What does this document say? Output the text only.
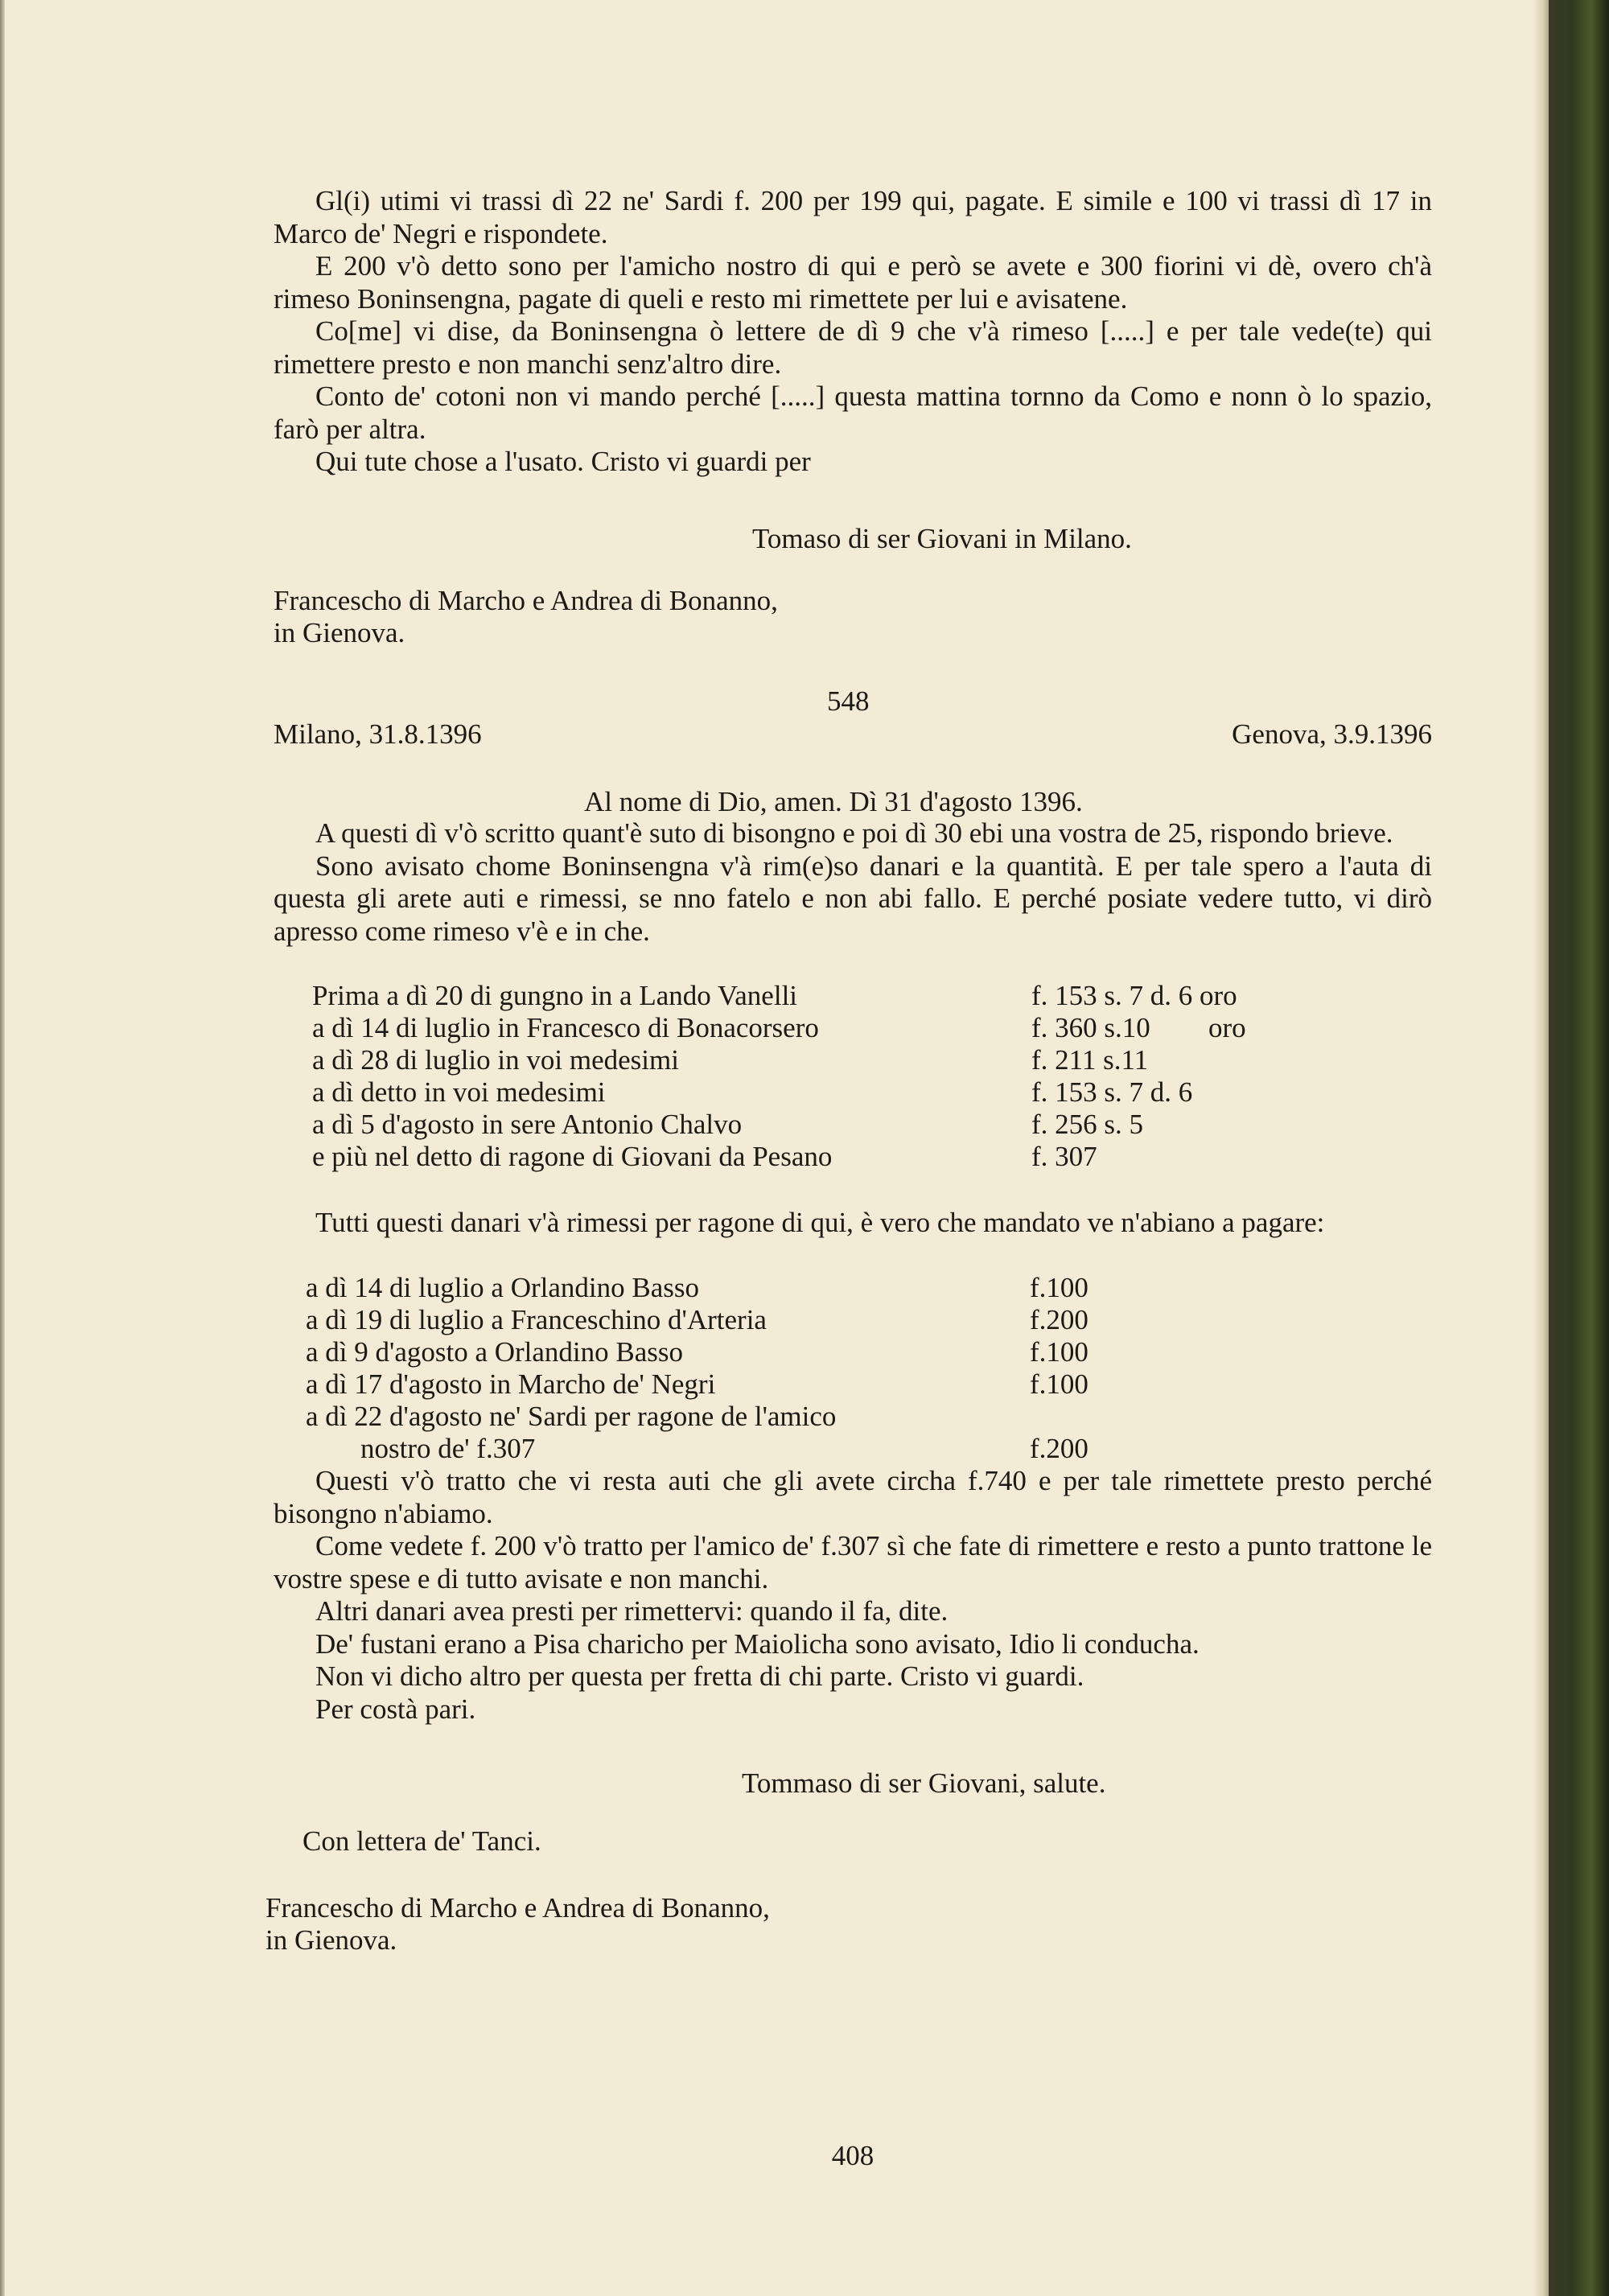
Gl(i) utimi vi trassi dì 22 ne' Sardi f. 200 per 199 qui, pagate. E simile e 100 vi trassi dì 17 in Marco de' Negri e rispondete.

E 200 v'ò detto sono per l'amicho nostro di qui e però se avete e 300 fiorini vi dè, overo ch'à rimeso Boninsengna, pagate di queli e resto mi rimettete per lui e avisatene.

Co[me] vi dise, da Boninsengna ò lettere de dì 9 che v'à rimeso [.....] e per tale vede(te) qui rimettere presto e non manchi senz'altro dire.

Conto de' cotoni non vi mando perché [.....] questa mattina tornno da Como e nonn ò lo spazio, farò per altra.

Qui tute chose a l'usato. Cristo vi guardi per

Tomaso di ser Giovani in Milano.
Francescho di Marcho e Andrea di Bonanno,
in Gienova.
548
Milano, 31.8.1396	Genova, 3.9.1396
Al nome di Dio, amen. Dì 31 d'agosto 1396.

A questi dì v'ò scritto quant'è suto di bisongno e poi dì 30 ebi una vostra de 25, rispondo brieve.

Sono avisato chome Boninsengna v'à rim(e)so danari e la quantità. E per tale spero a l'auta di questa gli arete auti e rimessi, se nno fatelo e non abi fallo. E perché posiate vedere tutto, vi dirò apresso come rimeso v'è e in che.

Prima a dì 20 di gungno in a Lando Vanelli	f. 153 s. 7 d. 6 oro
a dì 14 di luglio in Francesco di Bonacorsero	f. 360 s.10 oro
a dì 28 di luglio in voi medesimi	f. 211 s.11
a dì detto in voi medesimi	f. 153 s. 7 d. 6
a dì 5 d'agosto in sere Antonio Chalvo	f. 256 s. 5
e più nel detto di ragone di Giovani da Pesano	f. 307

Tutti questi danari v'à rimessi per ragone di qui, è vero che mandato ve n'abiano a pagare:

a dì 14 di luglio a Orlandino Basso	f.100
a dì 19 di luglio a Franceschino d'Arteria	f.200
a dì 9 d'agosto a Orlandino Basso	f.100
a dì 17 d'agosto in Marcho de' Negri	f.100
a dì 22 d'agosto ne' Sardi per ragone de l'amico
nostro de' f.307	f.200

Questi v'ò tratto che vi resta auti che gli avete circha f.740 e per tale rimettete presto perché bisongno n'abiamo.

Come vedete f. 200 v'ò tratto per l'amico de' f.307 sì che fate di rimettere e resto a punto trattone le vostre spese e di tutto avisate e non manchi.

Altri danari avea presti per rimettervi: quando il fa, dite.

De' fustani erano a Pisa charicho per Maiolicha sono avisato, Idio li conducha.

Non vi dicho altro per questa per fretta di chi parte. Cristo vi guardi.

Per costà pari.

Tommaso di ser Giovani, salute.
Con lettera de' Tanci.
Francescho di Marcho e Andrea di Bonanno,
in Gienova.
408
